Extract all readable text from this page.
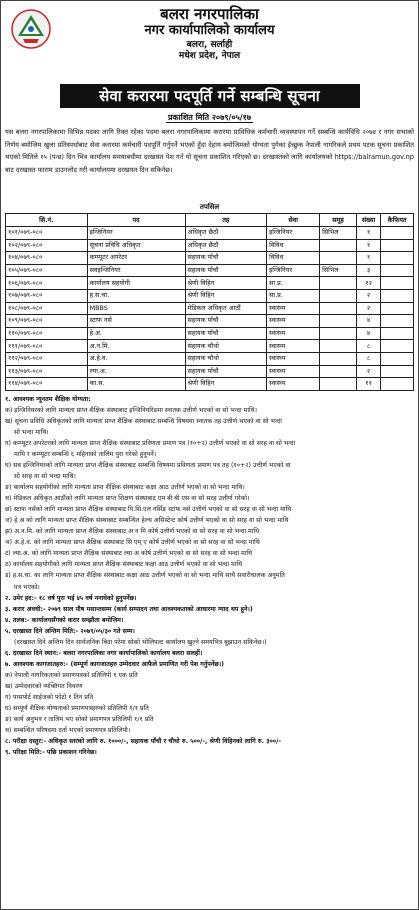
बलरा नगरपालिका
नगर कार्यापालिको कार्यालय
बलरा, सर्लाही
मधेश प्रदेश, नेपाल
सेवा करारमा पदपूर्ति गर्ने सम्बन्धि सूचना
प्रकाशित मिति २०७९/०५/१७
यस बलरा नगरपालिकामा विभिन्न पदका लागि रिक्त रहेका पदमा बलरा नगरपालिकामा करारमा प्राविधिक कर्मचारी व्यवस्थापन गर्ने सम्बन्धि कार्यविधि २०७४ र नगर सभाको निर्णय बमोजिम खुला प्रतिस्पर्धाबाट सेवा करारमा कर्मचारी पदपूर्ति गर्नुपर्ने भएको हुँदा देहाय बमोजिमको योग्यता पुगेका ईच्छुक नेपाली नागरिकले प्रथम पटक सूचना प्रकाशित भएको मितिले १५ (पन्ध्र) दिन भित्र कार्यालय समयाबधीमा दरखास्त पेश गर्न यो सूचना प्रकाशित गरिएको छ। दरखास्तको लागि कार्यालयको https://balramun.gov.np बाट दरखास्त फाराम डाउनलोड गरी कार्यालयमा दरखास्त दिन सकिनेछ।
तपसिल
सि.नं.	पद	तह	सेवा	समूह	संख्या	कैफियत
१०१/०७९-०८०	इन्जिनियर	अधिकृत छैठौ	इन्जिनियर	सिभिल	१	
१०२/०७९-०८०	सूचना प्रविधि अधिकृत	अधिकृत छैठौ	विविध		१	
१०४/०७९-०८०	कम्प्यूटर अपरेटर	सहायक पाँचौ	विविध		१	
१०५/०७९-०८०	सव‍इन्जिनियर	सहायक पाँचौ	इन्जिनियर	सिभिल	३	
१०६/०७९-०८०	कार्यालय सहयोगी	श्रेणी विहिन	सा.प्र.		१२	
१०७/०७९-०८०	ह.स.चा.	श्रेणी विहिन	सा.प्र.		२	
१०८/०७९-०८०	MBBS	मेडिकल अधिकृत आठौं	स्वास्थ्य		२	
१०९/०७९-०८०	स्टाफ नर्स	सहायक पाँचौ	स्वास्थ्य		४	
११०/०७९-०८०	हे.अ.	सहायक पाँचौ	स्वास्थ्य		४	
१११/०७९-०८०	अ.न.मि.	सहायक चौथो	स्वास्थ्य		८	
११२/०७९-०८०	अ.हे.व.	सहायक चौथो	स्वास्थ्य		८	
११३/०७९-०८०	ल्या.अ.	सहायक पाँचौ	स्वास्थ्य		२	
११४/०७९-०८०	का.स.	श्रेणी विहिन	स्वास्थ्य		११	
१. आवश्यक न्यूनतम शैक्षिक योग्यता:
क) इन्जिनियरको लागि मान्यता प्राप्त शैक्षिक संस्थाबाट इन्जिनियरिङमा स्नातक उत्तीर्ण भएको वा सो भन्दा माथि।
ख) सूचना प्रविधि अधिकृतको लागि मान्यता प्राप्त शैक्षिक संस्थाबाट सम्बन्धि विषयमा स्नातक तह उत्तीर्ण भएको वा सो भन्दा
सो भन्दा माथि।
ग) कम्प्यूटर अपरेटरको लागि मान्यता प्राप्त शैक्षिक संस्थाबाट प्रविणता प्रमाण पत्र (१०+२) उत्तीर्ण भएको वा सो सरह वा सो भन्दा
माथि र कम्प्यूटर सम्बन्धि ६ महिनाको तालिम पुरा गरेको हुनुपर्ने।
घ) सब इन्जिनियरको लागि मान्यता प्राप्त शैक्षिक संस्थाबाट सम्बन्धि विषयमा प्रविणता प्रमाण पत्र तह (१०+२) उत्तीर्ण भएको वा
सो सरह वा सो भन्दा माथि।
ङ) कार्यालय सहयोगीको लागि मान्यता प्राप्त शैक्षिक संस्थाबाट कक्षा आठ उत्तीर्ण भएको वा सो भन्दा माथि।
च) मेडिकल अधिकृत आठौंको लागि मान्यता प्राप्त शिक्षण संस्थाबाट एम बी बी एस वा सो सरह उत्तीर्ण गरेको।
छ) स्टाफ नर्सको लागि मान्यता प्राप्त शैक्षिक संस्थाबाट पि.सि.एल नर्सिङ स्टाफ नर्स उत्तीर्ण भएको वा सो सरह वा सो भन्दा माथि
ज) हे अ को लागि मान्यता प्राप्त शैक्षिक संस्थाबाट सम्बन्धित हेल्थ असिस्टेन्ट कोर्ष उत्तीर्ण भएको वा सो सरह वा सो भन्दा माथि
झ) अ.न.मि. को लागि मान्यता प्राप्त शैक्षिक संस्थाबाट अ न मि कोर्ष उत्तीर्ण भएको वा सो सरह वा सो भन्दा माथि
ञ) अ.हे.व. को लागि मान्यता प्राप्त शैक्षिक संस्थाबाट सि एम् ए कोर्ष उत्तीर्ण भएको वा सो सरह वा सो भन्दा माथि
ट) ल्या.अ. को लागि मान्यता प्राप्त शैक्षिक संस्थाबाट ल्या अ कोर्ष उत्तीर्ण भएको वा सो सरह वा सो भन्दा माथि
ठ) कार्यालय सहयोगीको लागि मान्यता प्राप्त शैक्षिक संस्थाबाट कक्षा आठ उत्तीर्ण भएको वा सो भन्दा माथि
ड) ह.स.चा. का लागि मान्यता प्राप्त शैक्षिक संस्थाबाट कक्षा आठ उत्तीर्ण भएको वा सो भन्दा माथि साथै सवारीचालक अनुमति
पत्र भएको।
२. उमेर हद:- १८ वर्ष पुरा भई ४५ वर्ष ननाघेको हुनुपर्नेछ।
३. करार अवधी:- २०७९ साल पौष मसान्तसम्म (कार्य सम्पादन तथा आवश्यकताको आधारमा म्याद थप हुने।)
४. तलब:- कार्यालयसँगको करार सम्झौता बमोजिम।
५. दरखास्त दिने अन्तिम मिति:- २०७९/०५/३० गते सम्म।
(दरखास्त दिने अन्तिम दिन सार्वजनिक बिदा परेमा सोको भोलिपल्ट कार्यालय खुल्ने समयभित्र बुझाउन सकिनेछ।)
६. दरखास्त दिने स्थान:- बलरा नगरपालिका नगर कार्यापालिको कार्यालय बलरा सलहीं।
७. आवश्यक कागजातहरु:- (सम्पूर्ण कागजातहरु उम्मेदवार आफैले प्रमाणित गरी पेश गर्नुपर्नेछ।)
क) नेपाली नागरिकताको प्रमाणपत्रको प्रतिलिपी १ एक प्रति
ख) उम्मेदवारको व्यक्तिगत विवरण
ग) पासपोर्ट साईजको फोटो १ तिन प्रति
घ) सम्पूर्ण शैक्षिक योग्यताको प्रमाणपत्रहरुको प्रतिलिपी १/१ प्रति
ङ) कार्य अनुभव र तालिम भए सोको प्रमाणपत्र प्रतिलिपी १/१ प्रति
च) सम्बन्धित परिषदमा दर्ता भएको प्रमाणपत्र प्रतिलिपी।
८. परीक्षा दस्तुर:- अधिकृत स्तरको लागि रु. १०००/-, सहायक पाँचौ र चौथो रु. ५००/-, श्रेणी विहिनको लागि रु. ३००/-
९. परिक्षा मिति:- पछि प्रकाशन गरिनेछ।
